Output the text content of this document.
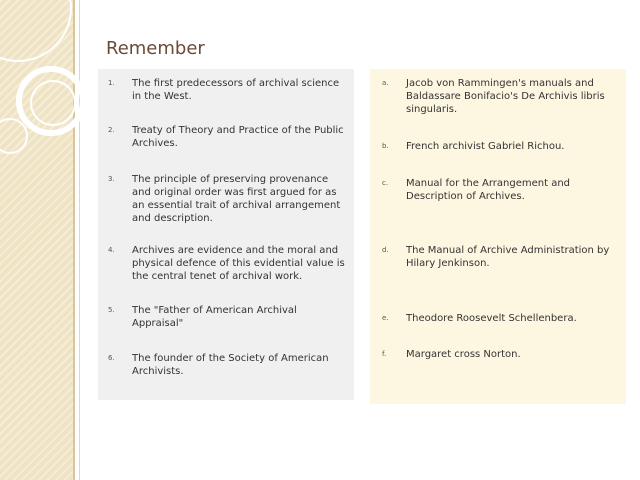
Remember
1.	The first predecessors of archival science in the West.
2.	Treaty of Theory and Practice of the Public Archives.
3.	The principle of preserving provenance and original order was first argued for as an essential trait of archival arrangement and description.
4.	Archives are evidence and the moral and physical defence of this evidential value is the central tenet of archival work.
5.	The "Father of American Archival Appraisal"
6.	The founder of the Society of American Archivists.
a.	Jacob von Rammingen's manuals and Baldassare Bonifacio's De Archivis libris singularis.
b.	French archivist Gabriel Richou.
c.	Manual for the Arrangement and Description of Archives.
d.	The Manual of Archive Administration by Hilary Jenkinson.
e.	Theodore Roosevelt Schellenbera.
f.	Margaret cross Norton.
